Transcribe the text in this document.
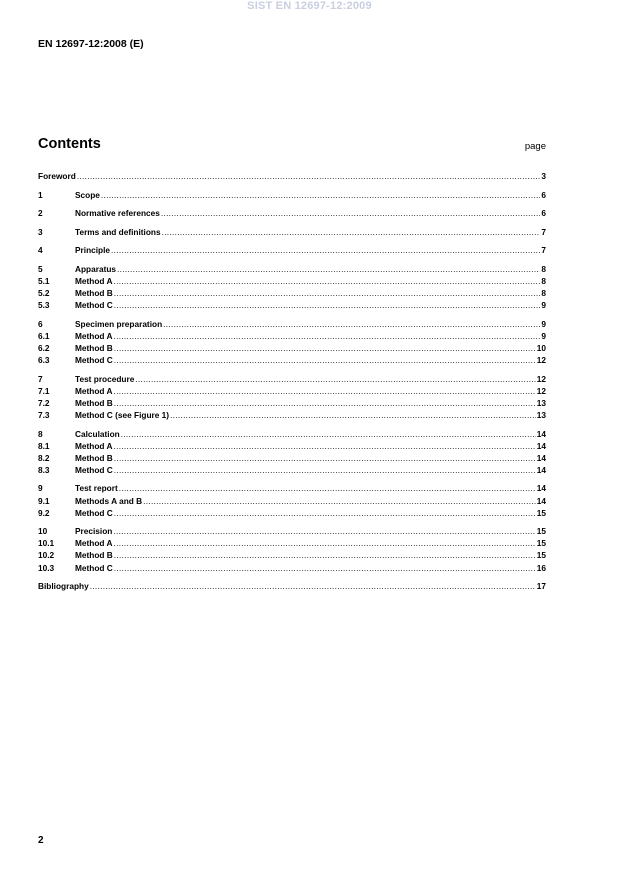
SIST EN 12697-12:2009
EN 12697-12:2008 (E)
Contents	page
Foreword .....	3
1	Scope .....	6
2	Normative references .....	6
3	Terms and definitions .....	7
4	Principle .....	7
5	Apparatus .....	8
5.1	Method A .....	8
5.2	Method B .....	8
5.3	Method C .....	9
6	Specimen preparation .....	9
6.1	Method A .....	9
6.2	Method B .....	10
6.3	Method C .....	12
7	Test procedure .....	12
7.1	Method A .....	12
7.2	Method B .....	13
7.3	Method C (see Figure 1) .....	13
8	Calculation .....	14
8.1	Method A .....	14
8.2	Method B .....	14
8.3	Method C .....	14
9	Test report .....	14
9.1	Methods A and B .....	14
9.2	Method C .....	15
10	Precision .....	15
10.1	Method A .....	15
10.2	Method B .....	15
10.3	Method C .....	16
Bibliography .....	17
2
